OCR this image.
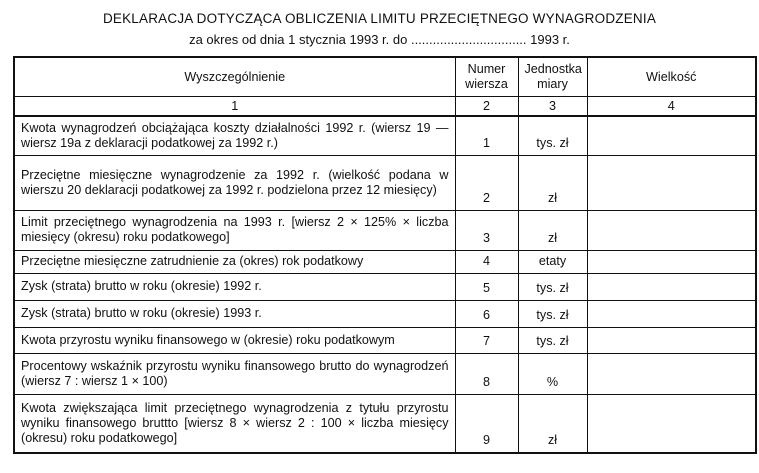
DEKLARACJA DOTYCZĄCA OBLICZENIA LIMITU PRZECIĘTNEGO WYNAGRODZENIA
za okres od dnia 1 stycznia 1993 r. do ................................ 1993 r.
Wyszczególnienie	Numer wiersza	Jednostka miary	Wielkość
1	2	3	4
Kwota wynagrodzeń obciążająca koszty działalności 1992 r. (wiersz 19 — wiersz 19a z deklaracji podatkowej za 1992 r.)	1	tys. zł	
Przeciętne miesięczne wynagrodzenie za 1992 r. (wielkość podana w wierszu 20 deklaracji podatkowej za 1992 r. podzielona przez 12 miesięcy)	2	zł	
Limit przeciętnego wynagrodzenia na 1993 r. [wiersz 2 × 125% × liczba miesięcy (okresu) roku podatkowego]	3	zł	
Przeciętne miesięczne zatrudnienie za (okres) rok podatkowy	4	etaty	
Zysk (strata) brutto w roku (okresie) 1992 r.	5	tys. zł	
Zysk (strata) brutto w roku (okresie) 1993 r.	6	tys. zł	
Kwota przyrostu wyniku finansowego w (okresie) roku podatkowym	7	tys. zł	
Procentowy wskaźnik przyrostu wyniku finansowego brutto do wynagrodzeń (wiersz 7 : wiersz 1 × 100)	8	%	
Kwota zwiększająca limit przeciętnego wynagrodzenia z tytułu przyrostu wyniku finansowego bruttto [wiersz 8 × wiersz 2 : 100 × liczba miesięcy (okresu) roku podatkowego]	9	zł	
